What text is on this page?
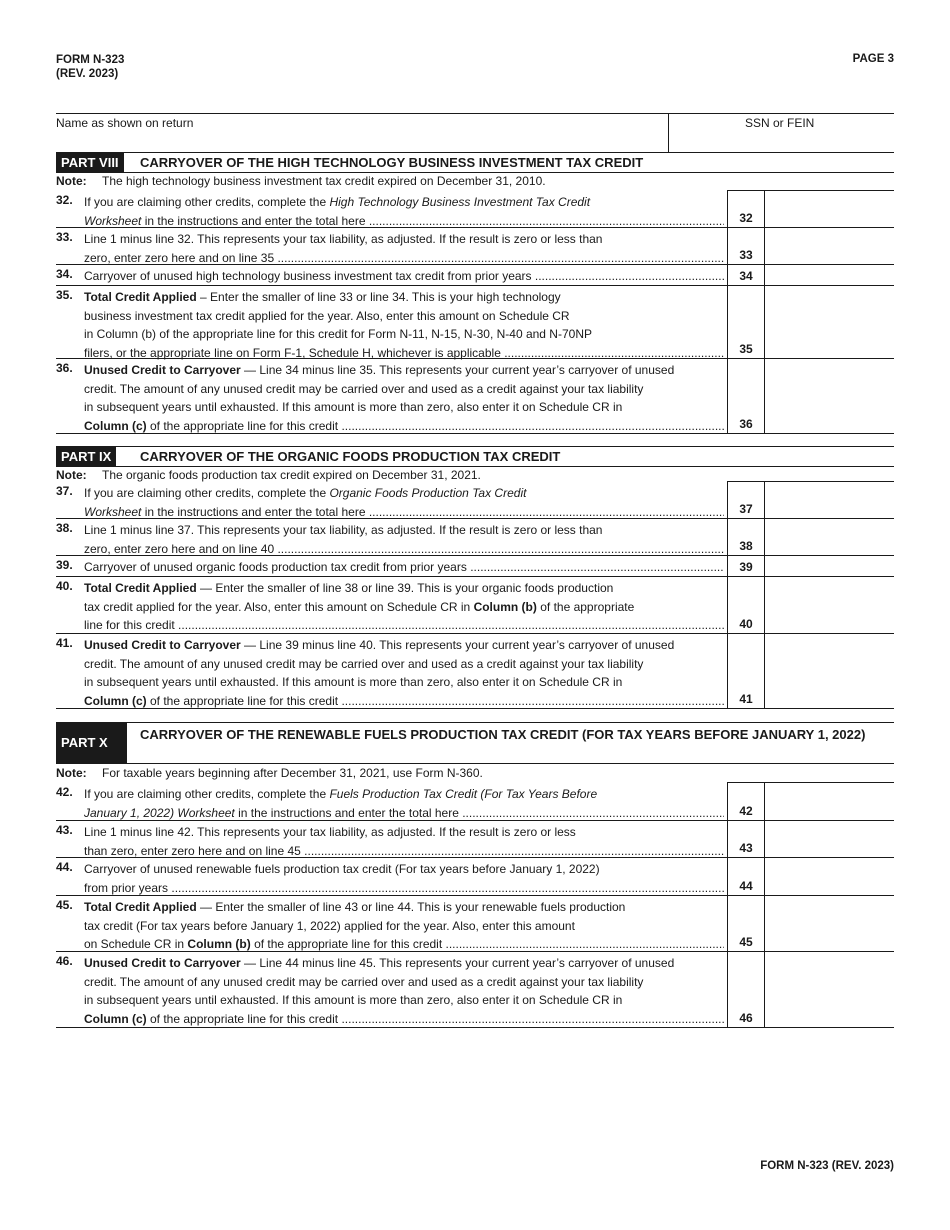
FORM N-323
(REV. 2023)
PAGE 3
Name as shown on return	SSN or FEIN
PART VIII	CARRYOVER OF THE HIGH TECHNOLOGY BUSINESS INVESTMENT TAX CREDIT
Note: The high technology business investment tax credit expired on December 31, 2010.
32. If you are claiming other credits, complete the High Technology Business Investment Tax Credit
Worksheet in the instructions and enter the total here .....	32
33. Line 1 minus line 32. This represents your tax liability, as adjusted. If the result is zero or less than
zero, enter zero here and on line 35 .....	33
34. Carryover of unused high technology business investment tax credit from prior years .....	34
35. Total Credit Applied – Enter the smaller of line 33 or line 34. This is your high technology
business investment tax credit applied for the year. Also, enter this amount on Schedule CR
in Column (b) of the appropriate line for this credit for Form N-11, N-15, N-30, N-40 and N-70NP
filers, or the appropriate line on Form F-1, Schedule H, whichever is applicable .....	35
36. Unused Credit to Carryover — Line 34 minus line 35. This represents your current year’s carryover of unused
credit. The amount of any unused credit may be carried over and used as a credit against your tax liability
in subsequent years until exhausted. If this amount is more than zero, also enter it on Schedule CR in
Column (c) of the appropriate line for this credit .....	36
PART IX	CARRYOVER OF THE ORGANIC FOODS PRODUCTION TAX CREDIT
Note: The organic foods production tax credit expired on December 31, 2021.
37. If you are claiming other credits, complete the Organic Foods Production Tax Credit
Worksheet in the instructions and enter the total here .....	37
38. Line 1 minus line 37. This represents your tax liability, as adjusted. If the result is zero or less than
zero, enter zero here and on line 40 .....	38
39. Carryover of unused organic foods production tax credit from prior years .....	39
40. Total Credit Applied — Enter the smaller of line 38 or line 39. This is your organic foods production
tax credit applied for the year. Also, enter this amount on Schedule CR in Column (b) of the appropriate
line for this credit .....	40
41. Unused Credit to Carryover — Line 39 minus line 40. This represents your current year’s carryover of unused
credit. The amount of any unused credit may be carried over and used as a credit against your tax liability
in subsequent years until exhausted. If this amount is more than zero, also enter it on Schedule CR in
Column (c) of the appropriate line for this credit .....	41
PART X
CARRYOVER OF THE RENEWABLE FUELS PRODUCTION TAX CREDIT (FOR TAX YEARS BEFORE JANUARY 1, 2022)
Note: For taxable years beginning after December 31, 2021, use Form N-360.
42. If you are claiming other credits, complete the Fuels Production Tax Credit (For Tax Years Before
January 1, 2022) Worksheet in the instructions and enter the total here .....	42
43. Line 1 minus line 42. This represents your tax liability, as adjusted. If the result is zero or less
than zero, enter zero here and on line 45 .....	43
44. Carryover of unused renewable fuels production tax credit (For tax years before January 1, 2022)
from prior years .....	44
45. Total Credit Applied — Enter the smaller of line 43 or line 44. This is your renewable fuels production
tax credit (For tax years before January 1, 2022) applied for the year. Also, enter this amount
on Schedule CR in Column (b) of the appropriate line for this credit .....	45
46. Unused Credit to Carryover — Line 44 minus line 45. This represents your current year’s carryover of unused
credit. The amount of any unused credit may be carried over and used as a credit against your tax liability
in subsequent years until exhausted. If this amount is more than zero, also enter it on Schedule CR in
Column (c) of the appropriate line for this credit .....	46
FORM N-323 (REV. 2023)
